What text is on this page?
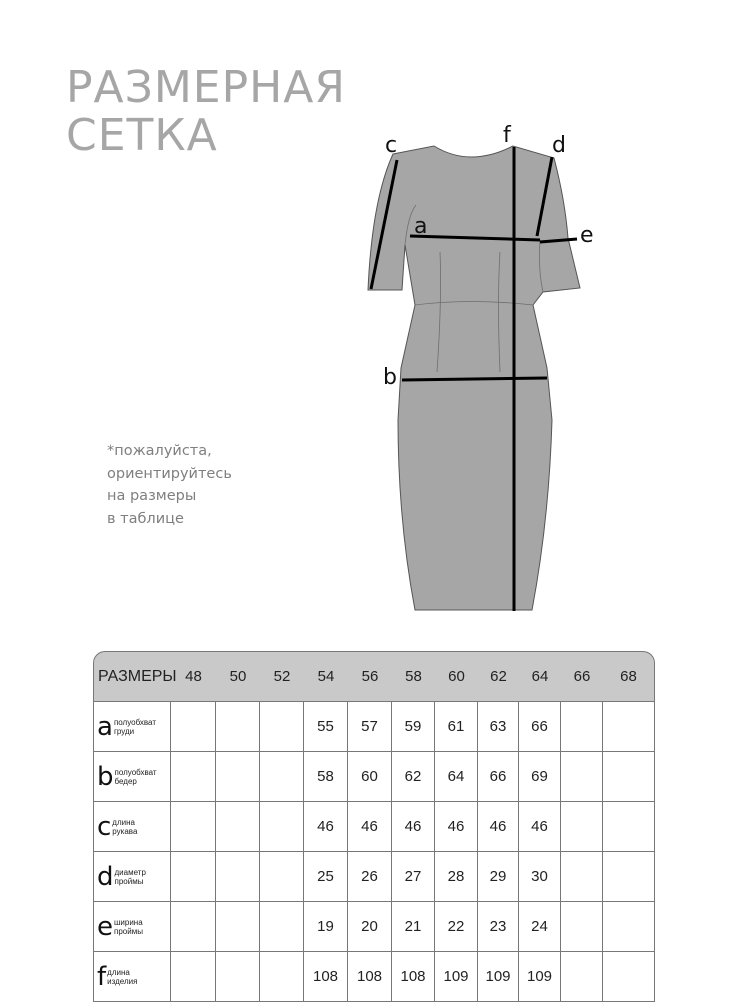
РАЗМЕРНАЯ
СЕТКА
a
b
c	d
e
f
*пожалуйста,
ориентируйтесь
на размеры
в таблице
РАЗМЕРЫ	48	50	52	54	56	58	60	62	64	66	68

a полуобхват
груди				55	57	59	61	63	66		

b полуобхват
бедер				58	60	62	64	66	69		

c длина
рукава				46	46	46	46	46	46		

d диаметр
проймы				25	26	27	28	29	30		

e ширина
проймы				19	20	21	22	23	24		

f длина
изделия				108	108	108	109	109	109		
